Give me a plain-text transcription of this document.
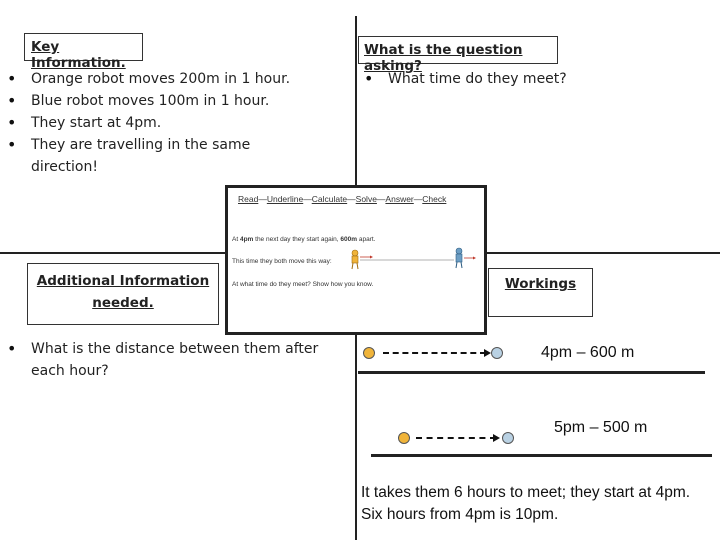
Key Information.
• Orange robot moves 200m in 1 hour.
• Blue robot moves 100m in 1 hour.
• They start at 4pm.
• They are travelling in the same direction!
What is the question asking?
• What time do they meet?
Additional Information needed.
• What is the distance between them after each hour?
Workings
4pm – 600 m
5pm – 500 m
It takes them 6 hours to meet; they start at 4pm. Six hours from 4pm is 10pm.
Read—Underline—Calculate—Solve—Answer—Check
At 4pm the next day they start again, 600m apart.
This time they both move this way:
At what time do they meet? Show how you know.
